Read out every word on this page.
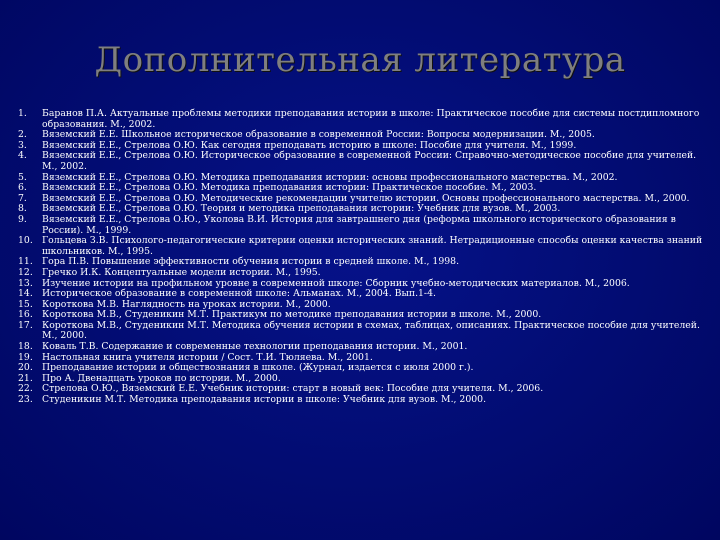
Дополнительная литература
1.	Баранов П.А. Актуальные проблемы методики преподавания истории в школе: Практическое пособие для системы постдипломного образования. М., 2002.
2.	Вяземский Е.Е. Школьное историческое образование в современной России: Вопросы модернизации. М., 2005.
3.	Вяземский Е.Е., Стрелова О.Ю. Как сегодня преподавать историю в школе: Пособие для учителя. М., 1999.
4.	Вяземский Е.Е., Стрелова О.Ю. Историческое образование в современной России: Справочно-методическое пособие для учителей. М., 2002.
5.	Вяземский Е.Е., Стрелова О.Ю. Методика преподавания истории: основы профессионального мастерства. М., 2002.
6.	Вяземский Е.Е., Стрелова О.Ю. Методика преподавания истории: Практическое пособие. М., 2003.
7.	Вяземский Е.Е., Стрелова О.Ю. Методические рекомендации учителю истории. Основы профессионального мастерства. М., 2000.
8.	Вяземский Е.Е., Стрелова О.Ю. Теория и методика преподавания истории: Учебник для вузов. М., 2003.
9.	Вяземский Е.Е., Стрелова О.Ю., Уколова В.И. История для завтрашнего дня (реформа школьного исторического образования в России). М., 1999.
10. Гольцева З.В. Психолого-педагогические критерии оценки исторических знаний. Нетрадиционные способы оценки качества знаний школьников. М., 1995.
11. Гора П.В. Повышение эффективности обучения истории в средней школе. М., 1998.
12. Гречко И.К. Концептуальные модели истории. М., 1995.
13. Изучение истории на профильном уровне в современной школе: Сборник учебно-методических материалов. М., 2006.
14. Историческое образование в современной школе: Альманах. М., 2004. Вып.1-4.
15. Короткова М.В. Наглядность на уроках истории. М., 2000.
16. Короткова М.В., Студеникин М.Т. Практикум по методике преподавания истории в школе. М., 2000.
17. Короткова М.В., Студеникин М.Т. Методика обучения истории в схемах, таблицах, описаниях. Практическое пособие для учителей. М., 2000.
18. Коваль Т.В. Содержание и современные технологии преподавания истории. М., 2001.
19. Настольная книга учителя истории / Сост. Т.И. Тюляева. М., 2001.
20. Преподавание истории и обществознания в школе. (Журнал, издается с июля 2000 г.).
21. Про А. Двенадцать уроков по истории. М., 2000.
22. Стрелова О.Ю., Вяземский Е.Е. Учебник истории: старт в новый век: Пособие для учителя. М., 2006.
23. Студеникин М.Т. Методика преподавания истории в школе: Учебник для вузов. М., 2000.
